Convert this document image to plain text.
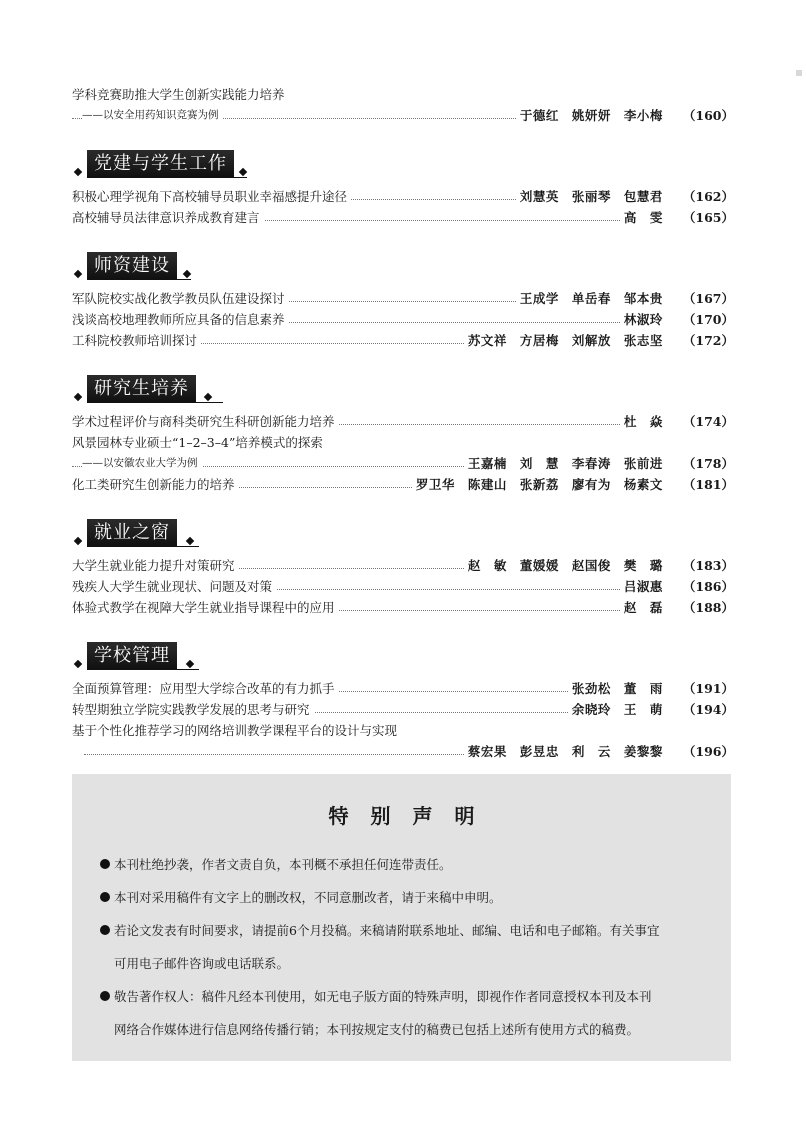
学科竞赛助推大学生创新实践能力培养
——以安全用药知识竞赛为例	于德红　姚妍妍　李小梅 （160）
党建与学生工作
积极心理学视角下高校辅导员职业幸福感提升途径	刘慧英　张丽琴　包慧君 （162）
高校辅导员法律意识养成教育建言	高　雯 （165）
师资建设
军队院校实战化教学教员队伍建设探讨	王成学　单岳春　邹本贵 （167）
浅谈高校地理教师所应具备的信息素养	林淑玲 （170）
工科院校教师培训探讨	苏文祥　方居梅　刘解放　张志坚 （172）
研究生培养
学术过程评价与商科类研究生科研创新能力培养	杜　焱 （174）
风景园林专业硕士“1–2–3–4”培养模式的探索
——以安徽农业大学为例	王嘉楠　刘　慧　李春涛　张前进 （178）
化工类研究生创新能力的培养	罗卫华　陈建山　张新荔　廖有为　杨素文 （181）
就业之窗
大学生就业能力提升对策研究	赵　敏　董媛媛　赵国俊　樊　璐 （183）
残疾人大学生就业现状、问题及对策	吕淑惠 （186）
体验式教学在视障大学生就业指导课程中的应用	赵　磊 （188）
学校管理
全面预算管理：应用型大学综合改革的有力抓手	张劲松　董　雨 （191）
转型期独立学院实践教学发展的思考与研究	余晓玲　王　萌 （194）
基于个性化推荐学习的网络培训教学课程平台的设计与实现
蔡宏果　彭昱忠　利　云　姜黎黎 （196）
特别声明
本刊杜绝抄袭，作者文责自负，本刊概不承担任何连带责任。
本刊对采用稿件有文字上的删改权，不同意删改者，请于来稿中申明。
若论文发表有时间要求，请提前6个月投稿。来稿请附联系地址、邮编、电话和电子邮箱。有关事宜
可用电子邮件咨询或电话联系。
敬告著作权人：稿件凡经本刊使用，如无电子版方面的特殊声明，即视作作者同意授权本刊及本刊
网络合作媒体进行信息网络传播行销；本刊按规定支付的稿费已包括上述所有使用方式的稿费。
